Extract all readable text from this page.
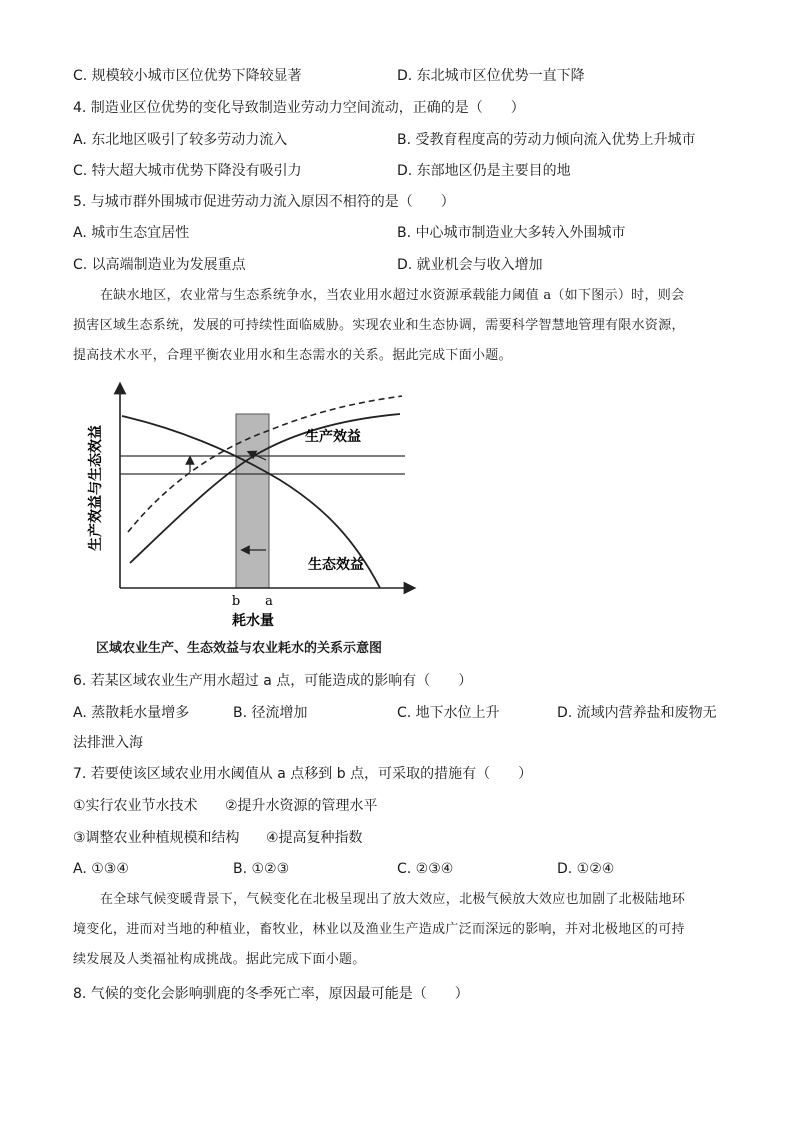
C. 规模较小城市区位优势下降较显著	D. 东北城市区位优势一直下降
4. 制造业区位优势的变化导致制造业劳动力空间流动，正确的是（　　）
A. 东北地区吸引了较多劳动力流入	B. 受教育程度高的劳动力倾向流入优势上升城市
C. 特大超大城市优势下降没有吸引力	D. 东部地区仍是主要目的地
5. 与城市群外围城市促进劳动力流入原因不相符的是（　　）
A. 城市生态宜居性	B. 中心城市制造业大多转入外围城市
C. 以高端制造业为发展重点	D. 就业机会与收入增加
在缺水地区，农业常与生态系统争水，当农业用水超过水资源承载能力阈值 a（如下图示）时，则会
损害区域生态系统，发展的可持续性面临威胁。实现农业和生态协调，需要科学智慧地管理有限水资源，
提高技术水平，合理平衡农业用水和生态需水的关系。据此完成下面小题。
生产效益与生态效益	生产效益
生态效益
b a
耗水量
区域农业生产、生态效益与农业耗水的关系示意图
6. 若某区域农业生产用水超过 a 点，可能造成的影响有（　　）
A. 蒸散耗水量增多	B. 径流增加	C. 地下水位上升	D. 流域内营养盐和废物无
法排泄入海
7. 若要使该区域农业用水阈值从 a 点移到 b 点，可采取的措施有（　　）
①实行农业节水技术 ②提升水资源的管理水平
③调整农业种植规模和结构 ④提高复种指数
A. ①③④	B. ①②③	C. ②③④	D. ①②④
在全球气候变暖背景下，气候变化在北极呈现出了放大效应，北极气候放大效应也加剧了北极陆地环
境变化，进而对当地的种植业，畜牧业，林业以及渔业生产造成广泛而深远的影响，并对北极地区的可持
续发展及人类福祉构成挑战。据此完成下面小题。
8. 气候的变化会影响驯鹿的冬季死亡率，原因最可能是（　　）
